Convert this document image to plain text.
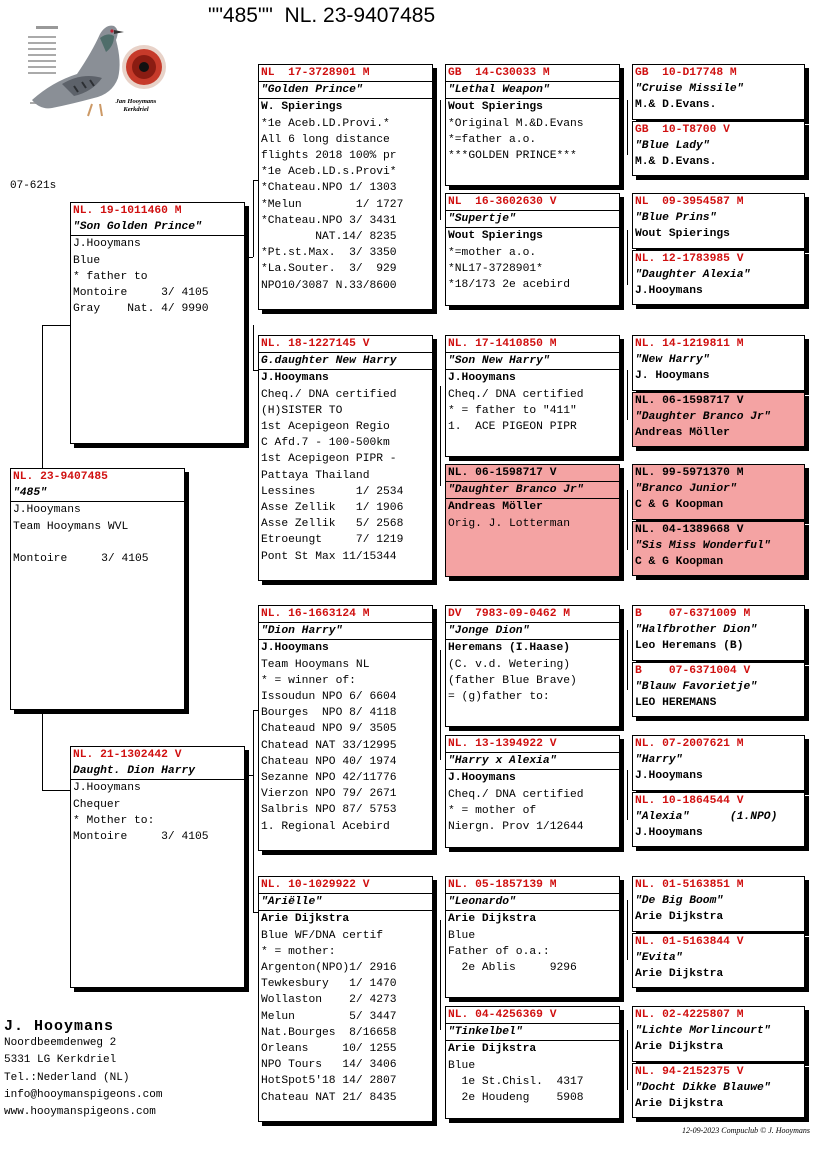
""485""  NL. 23-9407485
Jan Hooymans
Kerkdriel
07-621s
NL. 23-9407485
"485"
J.Hooymans
Team Hooymans WVL

Montoire     3/ 4105
NL. 19-1011460 M
"Son Golden Prince"
J.Hooymans
Blue
* father to
Montoire     3/ 4105
Gray    Nat. 4/ 9990
NL. 21-1302442 V
Daught. Dion Harry
J.Hooymans
Chequer
* Mother to:
Montoire     3/ 4105
NL  17-3728901 M
"Golden Prince"
W. Spierings
*1e Aceb.LD.Provi.*
All 6 long distance
flights 2018 100% pr
*1e Aceb.LD.s.Provi*
*Chateau.NPO 1/ 1303
*Melun        1/ 1727
*Chateau.NPO 3/ 3431
NAT.14/ 8235
*Pt.st.Max.  3/ 3350
*La.Souter.  3/  929
NPO10/3087 N.33/8600
NL. 18-1227145 V
G.daughter New Harry
J.Hooymans
Cheq./ DNA certified
(H)SISTER TO
1st Acepigeon Regio
C Afd.7 - 100-500km
1st Acepigeon PIPR -
Pattaya Thailand
Lessines      1/ 2534
Asse Zellik   1/ 1906
Asse Zellik   5/ 2568
Etroeungt     7/ 1219
Pont St Max 11/15344
NL. 16-1663124 M
"Dion Harry"
J.Hooymans
Team Hooymans NL
* = winner of:
Issoudun NPO 6/ 6604
Bourges  NPO 8/ 4118
Chateaud NPO 9/ 3505
Chatead NAT 33/12995
Chateau NPO 40/ 1974
Sezanne NPO 42/11776
Vierzon NPO 79/ 2671
Salbris NPO 87/ 5753
1. Regional Acebird
NL. 10-1029922 V
"Ariëlle"
Arie Dijkstra
Blue WF/DNA certif
* = mother:
Argenton(NPO)1/ 2916
Tewkesbury   1/ 1470
Wollaston    2/ 4273
Melun        5/ 3447
Nat.Bourges  8/16658
Orleans     10/ 1255
NPO Tours   14/ 3406
HotSpot5'18 14/ 2807
Chateau NAT 21/ 8435
GB  14-C30033 M
"Lethal Weapon"
Wout Spierings
*Original M.&D.Evans
*=father a.o.
***GOLDEN PRINCE***
NL  16-3602630 V
"Supertje"
Wout Spierings
*=mother a.o.
*NL17-3728901*
*18/173 2e acebird
NL. 17-1410850 M
"Son New Harry"
J.Hooymans
Cheq./ DNA certified
* = father to "411"
1.  ACE PIGEON PIPR
NL. 06-1598717 V
"Daughter Branco Jr"
Andreas Möller
Orig. J. Lotterman
DV  7983-09-0462 M
"Jonge Dion"
Heremans (I.Haase)
(C. v.d. Wetering)
(father Blue Brave)
= (g)father to:
NL. 13-1394922 V
"Harry x Alexia"
J.Hooymans
Cheq./ DNA certified
* = mother of
Niergn. Prov 1/12644
NL. 05-1857139 M
"Leonardo"
Arie Dijkstra
Blue
Father of o.a.:
2e Ablis     9296
NL. 04-4256369 V
"Tinkelbel"
Arie Dijkstra
Blue
1e St.Chisl.  4317
2e Houdeng    5908
GB  10-D17748 M
"Cruise Missile"
M.& D.Evans.
GB  10-T8700 V
"Blue Lady"
M.& D.Evans.
NL  09-3954587 M
"Blue Prins"
Wout Spierings
NL. 12-1783985 V
"Daughter Alexia"
J.Hooymans
NL. 14-1219811 M
"New Harry"
J. Hooymans
NL. 06-1598717 V
"Daughter Branco Jr"
Andreas Möller
NL. 99-5971370 M
"Branco Junior"
C & G Koopman
NL. 04-1389668 V
"Sis Miss Wonderful"
C & G Koopman
B    07-6371009 M
"Halfbrother Dion"
Leo Heremans (B)
B    07-6371004 V
"Blauw Favorietje"
LEO HEREMANS
NL. 07-2007621 M
"Harry"
J.Hooymans
NL. 10-1864544 V
"Alexia"      (1.NPO)
J.Hooymans
NL. 01-5163851 M
"De Big Boom"
Arie Dijkstra
NL. 01-5163844 V
"Evita"
Arie Dijkstra
NL. 02-4225807 M
"Lichte Morlincourt"
Arie Dijkstra
NL. 94-2152375 V
"Docht Dikke Blauwe"
Arie Dijkstra
J. Hooymans
Noordbeemdenweg 2
5331 LG Kerkdriel
Tel.:Nederland (NL)
info@hooymanspigeons.com
www.hooymanspigeons.com
12-09-2023 Compuclub © J. Hooymans
